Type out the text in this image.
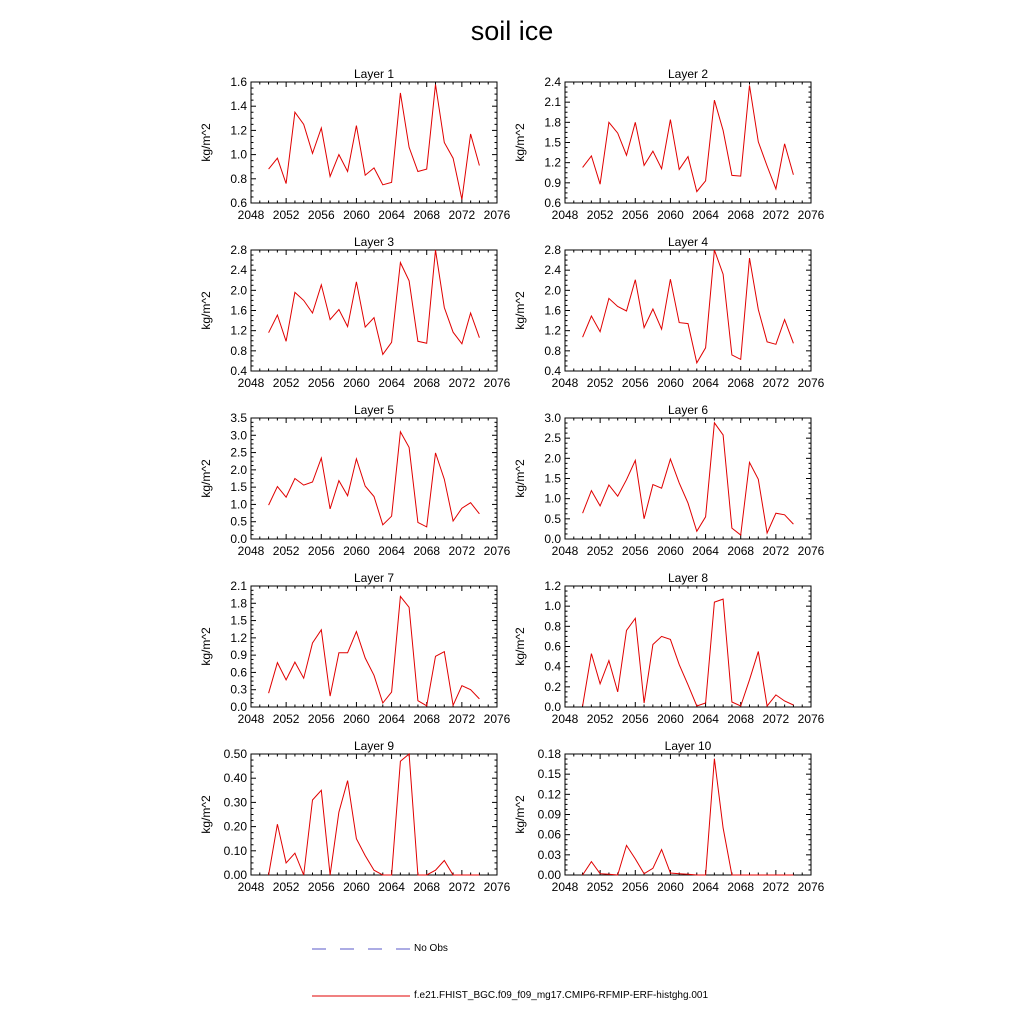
soil ice
Layer 1
kg/m^2
2048 2052 2056 2060 2064 2068 2072 2076
0.6
0.8
1.0
1.2
1.4
1.6
Layer 2
kg/m^2
2048 2052 2056 2060 2064 2068 2072 2076
0.6
0.9
1.2
1.5
1.8
2.1
2.4
Layer 3
kg/m^2
2048 2052 2056 2060 2064 2068 2072 2076
0.4
0.8
1.2
1.6
2.0
2.4
2.8
Layer 4
kg/m^2
2048 2052 2056 2060 2064 2068 2072 2076
0.4
0.8
1.2
1.6
2.0
2.4
2.8
Layer 5
kg/m^2
2048 2052 2056 2060 2064 2068 2072 2076
0.0
0.5
1.0
1.5
2.0
2.5
3.0
3.5
Layer 6
kg/m^2
2048 2052 2056 2060 2064 2068 2072 2076
0.0
0.5
1.0
1.5
2.0
2.5
3.0
Layer 7
kg/m^2
2048 2052 2056 2060 2064 2068 2072 2076
0.0
0.3
0.6
0.9
1.2
1.5
1.8
2.1
Layer 8
kg/m^2
2048 2052 2056 2060 2064 2068 2072 2076
0.0
0.2
0.4
0.6
0.8
1.0
1.2
Layer 9
kg/m^2
2048 2052 2056 2060 2064 2068 2072 2076
0.00
0.10
0.20
0.30
0.40
0.50
Layer 10
kg/m^2
2048 2052 2056 2060 2064 2068 2072 2076
0.00
0.03
0.06
0.09
0.12
0.15
0.18
No Obs
f.e21.FHIST_BGC.f09_f09_mg17.CMIP6-RFMIP-ERF-histghg.001
